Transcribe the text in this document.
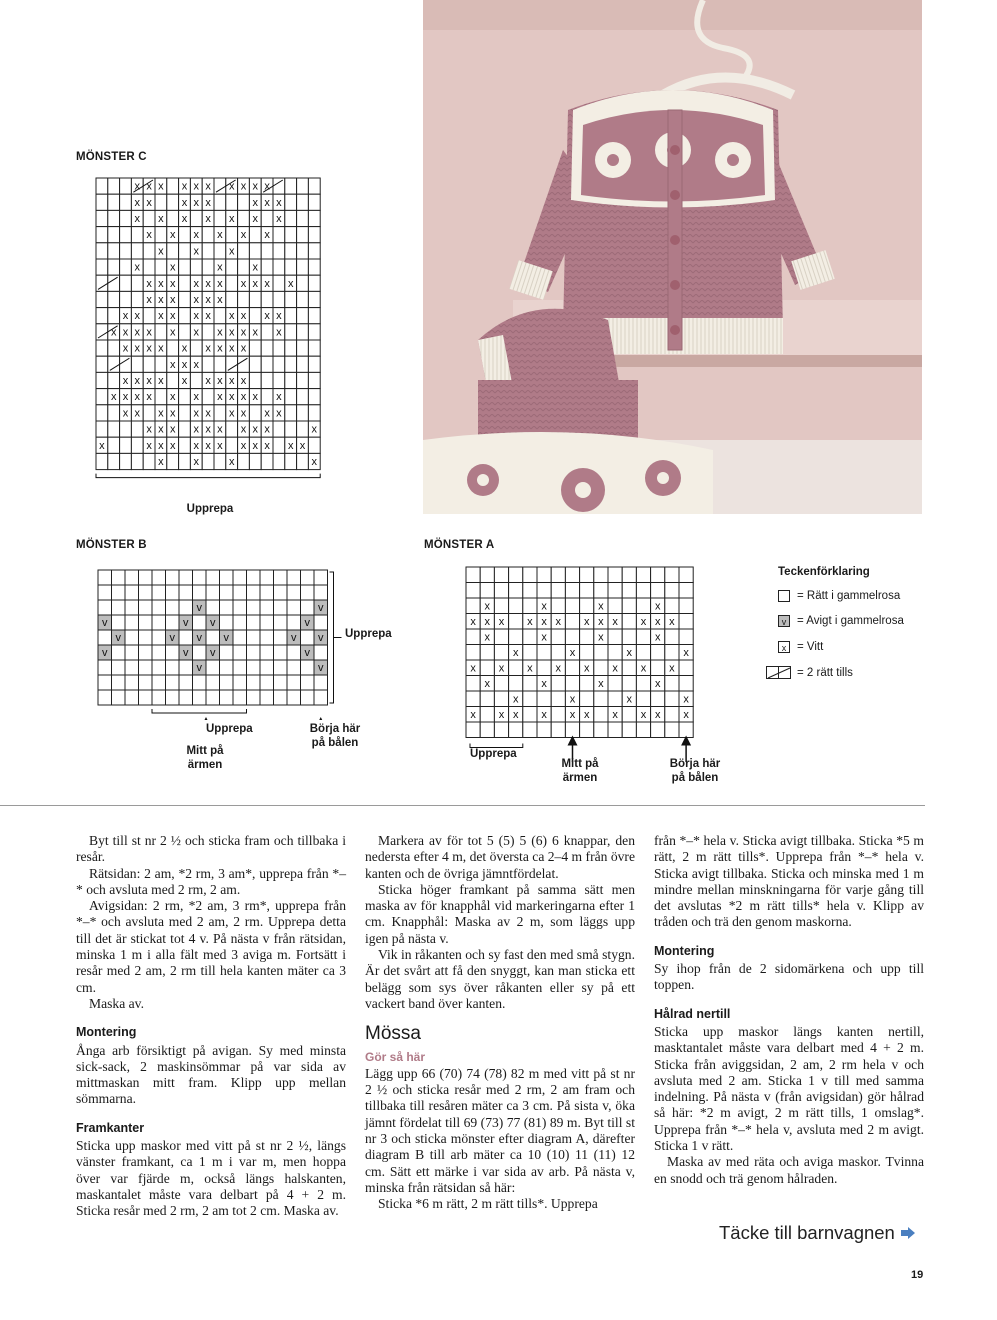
MÖNSTER C
MÖNSTER B	MÖNSTER A
x x x x x x x x x x
x x	x x x	x x x
x x x x x x x
x x x x x x
x	x	x
x	x	x	x
x x x x x x x x x x
x x x x x x
x x x x x x x x x x
x x x x x x x x x x x
x x x x x x x x x
x x x
x x x x x x x x x
x x x x x x x x x x x
x x x x x x x x x x
x x x x x x x x x	x
x	x x x x x x x x x x x
x	x	x	x
Upprepa
v	v
v	v v	v
v	v v v	v v
v	v v	v
v	v
Upprepa
Upprepa
Mitt på
ärmen
Börja här
på bålen
x	x	x	x
x x x x x x x x x x x x
x	x	x	x
x	x	x	x
x x x x x x x x
x	x	x	x
x	x	x	x
x x x x x x x x x x
Upprepa
Mitt på
ärmen
Börja här
på bålen
Teckenförklaring
= Rätt i gammelrosa
v = Avigt i gammelrosa
x = Vitt
= 2 rätt tills

Byt till st nr 2 ½ och sticka fram och tillbaka i resår.

Rätsidan: 2 am, *2 rm, 3 am*, upprepa från *–* och avsluta med 2 rm, 2 am.

Avigsidan: 2 rm, *2 am, 3 rm*, upprepa från *–* och avsluta med 2 am, 2 rm. Upprepa detta till det är stickat tot 4 v. På nästa v från rätsidan, minska 1 m i alla fält med 3 aviga m. Fortsätt i resår med 2 am, 2 rm till hela kanten mäter ca 3 cm.

Maska av.

Montering

Ånga arb försiktigt på avigan. Sy med minsta sick-sack, 2 maskinsömmar på var sida av mittmaskan mitt fram. Klipp upp mellan sömmarna.

Framkanter

Sticka upp maskor med vitt på st nr 2 ½, längs vänster framkant, ca 1 m i var m, men hoppa över var fjärde m, också längs halskanten, maskantalet måste vara delbart på 4 + 2 m. Sticka resår med 2 rm, 2 am tot 2 cm. Maska av.

Markera av för tot 5 (5) 5 (6) 6 knappar, den nedersta efter 4 m, det översta ca 2–4 m från övre kanten och de övriga jämntfördelat.

Sticka höger framkant på samma sätt men maska av för knapphål vid markeringarna efter 1 cm. Knapphål: Maska av 2 m, som läggs upp igen på nästa v.

Vik in råkanten och sy fast den med små stygn. Är det svårt att få den snyggt, kan man sticka ett belägg som sys över råkanten eller sy på ett vackert band över kanten.

Mössa
Gör så här

Lägg upp 66 (70) 74 (78) 82 m med vitt på st nr 2 ½ och sticka resår med 2 rm, 2 am fram och tillbaka till resåren mäter ca 3 cm. På sista v, öka jämnt fördelat till 69 (73) 77 (81) 89 m. Byt till st nr 3 och sticka mönster efter diagram A, därefter diagram B till arb mäter ca 10 (10) 11 (11) 12 cm. Sätt ett märke i var sida av arb. På nästa v, minska från rätsidan så här:

Sticka *6 m rätt, 2 m rätt tills*. Upprepa

från *–* hela v. Sticka avigt tillbaka. Sticka *5 m rätt, 2 m rätt tills*. Upprepa från *–* hela v. Sticka avigt tillbaka. Sticka och minska med 1 m mindre mellan minskningarna för varje gång till det avslutas *2 m rätt tills* hela v. Klipp av tråden och trä den genom maskorna.

Montering

Sy ihop från de 2 sidomärkena och upp till toppen.

Hålrad nertill

Sticka upp maskor längs kanten nertill, masktantalet måste vara delbart med 4 + 2 m. Sticka från aviggsidan, 2 am, 2 rm hela v och avsluta med 2 am. Sticka 1 v till med samma indelning. På nästa v (från avigsidan) gör hålrad så här: *2 m avigt, 2 m rätt tills, 1 omslag*. Upprepa från *–* hela v, avsluta med 2 m avigt. Sticka 1 v rätt.

Maska av med räta och aviga maskor. Tvinna en snodd och trä genom hålraden.

Täcke till barnvagnen
19
